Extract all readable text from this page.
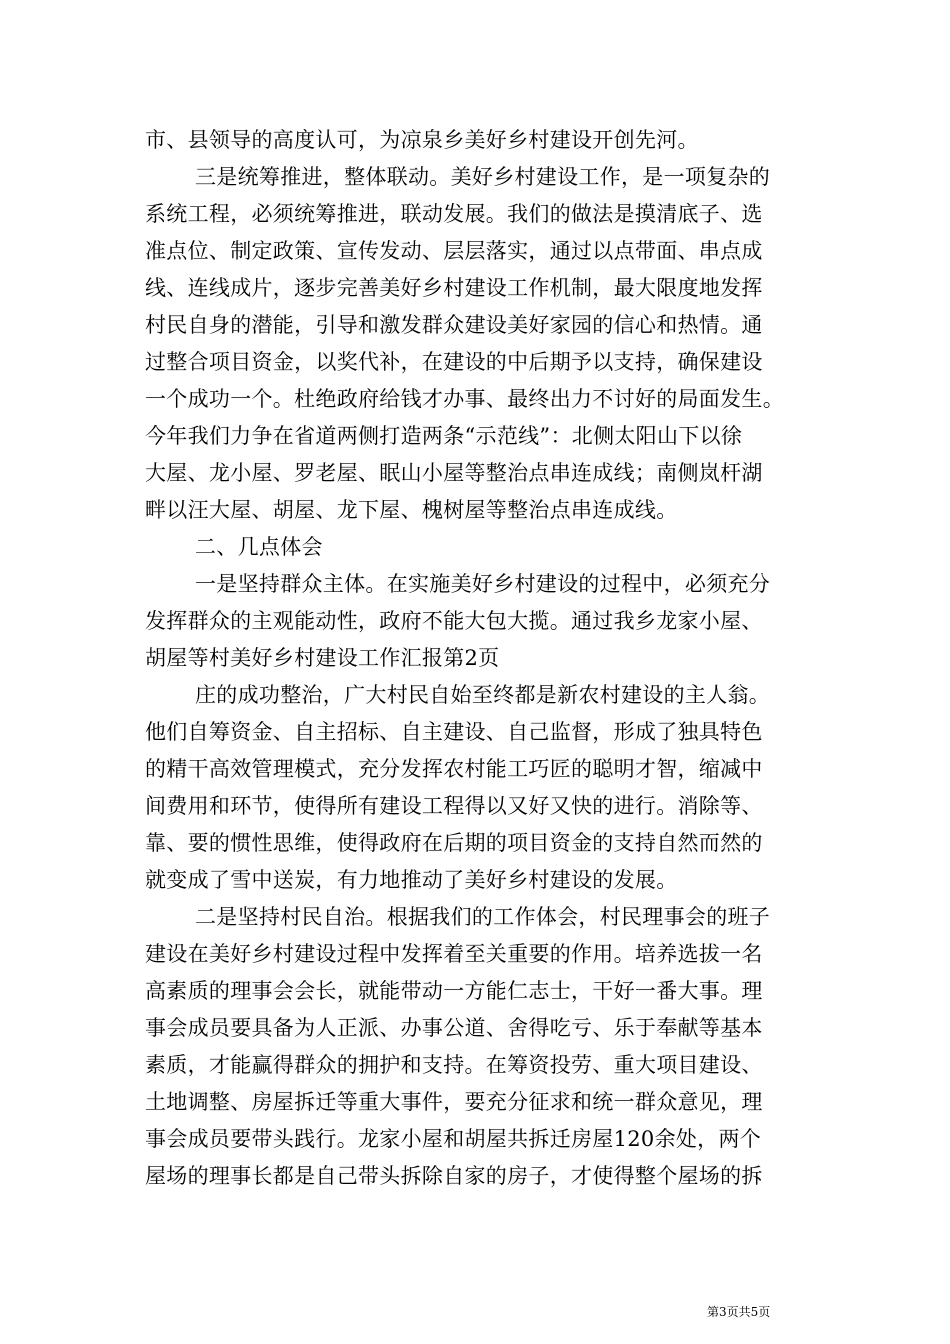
市、县领导的高度认可，为凉泉乡美好乡村建设开创先河。
三是统筹推进，整体联动。美好乡村建设工作，是一项复杂的
系统工程，必须统筹推进，联动发展。我们的做法是摸清底子、选
准点位、制定政策、宣传发动、层层落实，通过以点带面、串点成
线、连线成片，逐步完善美好乡村建设工作机制，最大限度地发挥
村民自身的潜能，引导和激发群众建设美好家园的信心和热情。通
过整合项目资金，以奖代补，在建设的中后期予以支持，确保建设
一个成功一个。杜绝政府给钱才办事、最终出力不讨好的局面发生。
今年我们力争在省道两侧打造两条“示范线”：北侧太阳山下以徐
大屋、龙小屋、罗老屋、眠山小屋等整治点串连成线；南侧岚杆湖
畔以汪大屋、胡屋、龙下屋、槐树屋等整治点串连成线。
二、几点体会
一是坚持群众主体。在实施美好乡村建设的过程中，必须充分
发挥群众的主观能动性，政府不能大包大揽。通过我乡龙家小屋、
胡屋等村美好乡村建设工作汇报第2页
庄的成功整治，广大村民自始至终都是新农村建设的主人翁。
他们自筹资金、自主招标、自主建设、自己监督，形成了独具特色
的精干高效管理模式，充分发挥农村能工巧匠的聪明才智，缩减中
间费用和环节，使得所有建设工程得以又好又快的进行。消除等、
靠、要的惯性思维，使得政府在后期的项目资金的支持自然而然的
就变成了雪中送炭，有力地推动了美好乡村建设的发展。
二是坚持村民自治。根据我们的工作体会，村民理事会的班子
建设在美好乡村建设过程中发挥着至关重要的作用。培养选拔一名
高素质的理事会会长，就能带动一方能仁志士，干好一番大事。理
事会成员要具备为人正派、办事公道、舍得吃亏、乐于奉献等基本
素质，才能赢得群众的拥护和支持。在筹资投劳、重大项目建设、
土地调整、房屋拆迁等重大事件，要充分征求和统一群众意见，理
事会成员要带头践行。龙家小屋和胡屋共拆迁房屋120余处，两个
屋场的理事长都是自己带头拆除自家的房子，才使得整个屋场的拆
第3页共5页
